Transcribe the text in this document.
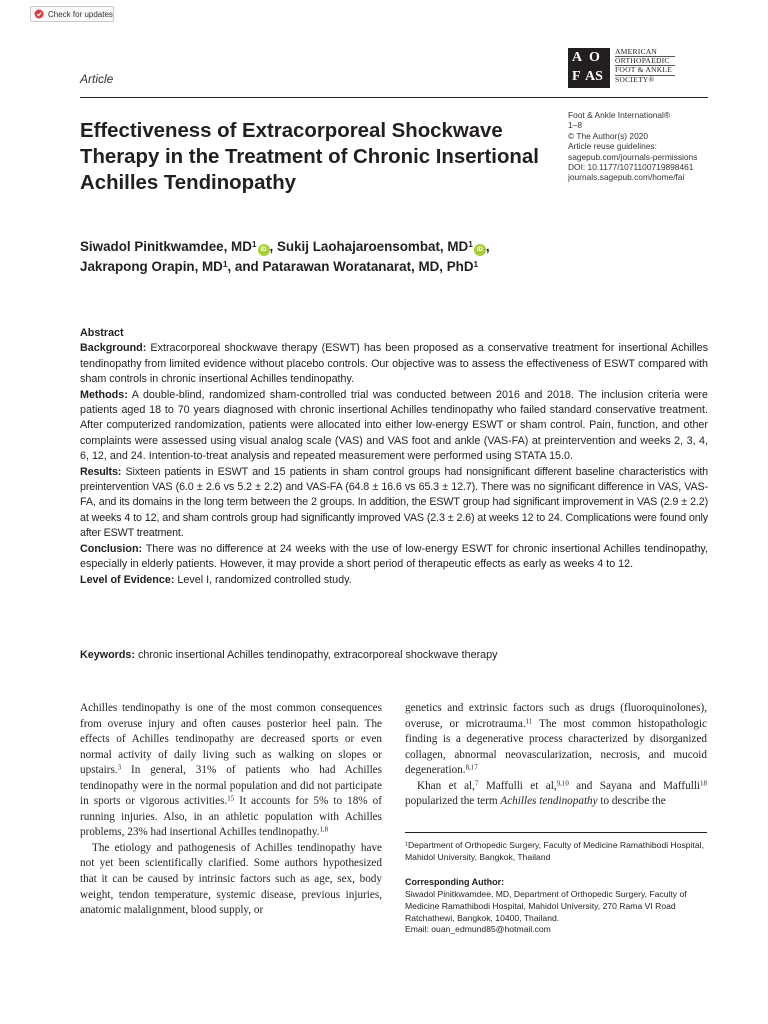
Check for updates
Article
A O
F AS
AMERICAN
ORTHOPAEDIC
FOOT & ANKLE
SOCIETY®
Foot & Ankle International®
1–8
© The Author(s) 2020
Article reuse guidelines:
sagepub.com/journals-permissions
DOI: 10.1177/1071100719898461
journals.sagepub.com/home/fai
Effectiveness of Extracorporeal Shockwave Therapy in the Treatment of Chronic Insertional Achilles Tendinopathy
Siwadol Pinitkwamdee, $MD^1iD$ , Sukij Laohajaroensombat, $MD^1iD$ ,
Jakrapong Orapin, $MD^1$, and Patarawan Woratanarat, MD, PhD$^1$

Abstract

Background: Extracorporeal shockwave therapy (ESWT) has been proposed as a conservative treatment for insertional Achilles tendinopathy from limited evidence without placebo controls. Our objective was to assess the effectiveness of ESWT compared with sham controls in chronic insertional Achilles tendinopathy.

Methods: A double-blind, randomized sham-controlled trial was conducted between 2016 and 2018. The inclusion criteria were patients aged 18 to 70 years diagnosed with chronic insertional Achilles tendinopathy who failed standard conservative treatment. After computerized randomization, patients were allocated into either low-energy ESWT or sham control. Pain, function, and other complaints were assessed using visual analog scale (VAS) and VAS foot and ankle (VAS-FA) at preintervention and weeks 2, 3, 4, 6, 12, and 24. Intention-to-treat analysis and repeated measurement were performed using STATA 15.0.

Results: Sixteen patients in ESWT and 15 patients in sham control groups had nonsignificant different baseline characteristics with preintervention VAS (6.0 ± 2.6 vs 5.2 ± 2.2) and VAS-FA (64.8 ± 16.6 vs 65.3 ± 12.7). There was no significant difference in VAS, VAS-FA, and its domains in the long term between the 2 groups. In addition, the ESWT group had significant improvement in VAS (2.9 ± 2.2) at weeks 4 to 12, and sham controls group had significantly improved VAS (2.3 ± 2.6) at weeks 12 to 24. Complications were found only after ESWT treatment.

Conclusion: There was no difference at 24 weeks with the use of low-energy ESWT for chronic insertional Achilles tendinopathy, especially in elderly patients. However, it may provide a short period of therapeutic effects as early as weeks 4 to 12.

Level of Evidence: Level I, randomized controlled study.

Keywords: chronic insertional Achilles tendinopathy, extracorporeal shockwave therapy

Achilles tendinopathy is one of the most common consequences from overuse injury and often causes posterior heel pain. The effects of Achilles tendinopathy are decreased sports or even normal activity of daily living such as walking on slopes or upstairs.$^3$ In general, 31% of patients who had Achilles tendinopathy were in the normal population and did not participate in sports or vigorous activities.$^{15}$ It accounts for 5% to 18% of running injuries. Also, in an athletic population with Achilles problems, 23% had insertional Achilles tendinopathy.$^{1,8}$

The etiology and pathogenesis of Achilles tendinopathy have not yet been scientifically clarified. Some authors hypothesized that it can be caused by intrinsic factors such as age, sex, body weight, tendon temperature, systemic disease, previous injuries, anatomic malalignment, blood supply, or

genetics and extrinsic factors such as drugs (fluoroquinolones), overuse, or microtrauma.$^{11}$ The most common histopathologic finding is a degenerative process characterized by disorganized collagen, abnormal neovascularization, necrosis, and mucoid degeneration.$^{8,17}$

Khan et al,$^7$ Maffulli et al,$^{9,10}$ and Sayana and Maffulli$^{18}$ popularized the term Achilles tendinopathy to describe the

$^1$Department of Orthopedic Surgery, Faculty of Medicine Ramathibodi Hospital, Mahidol University, Bangkok, Thailand

Corresponding Author:

Siwadol Pinitkwamdee, MD, Department of Orthopedic Surgery, Faculty of Medicine Ramathibodi Hospital, Mahidol University, 270 Rama VI Road Ratchathewi, Bangkok, 10400, Thailand.

Email: ouan_edmund85@hotmail.com
